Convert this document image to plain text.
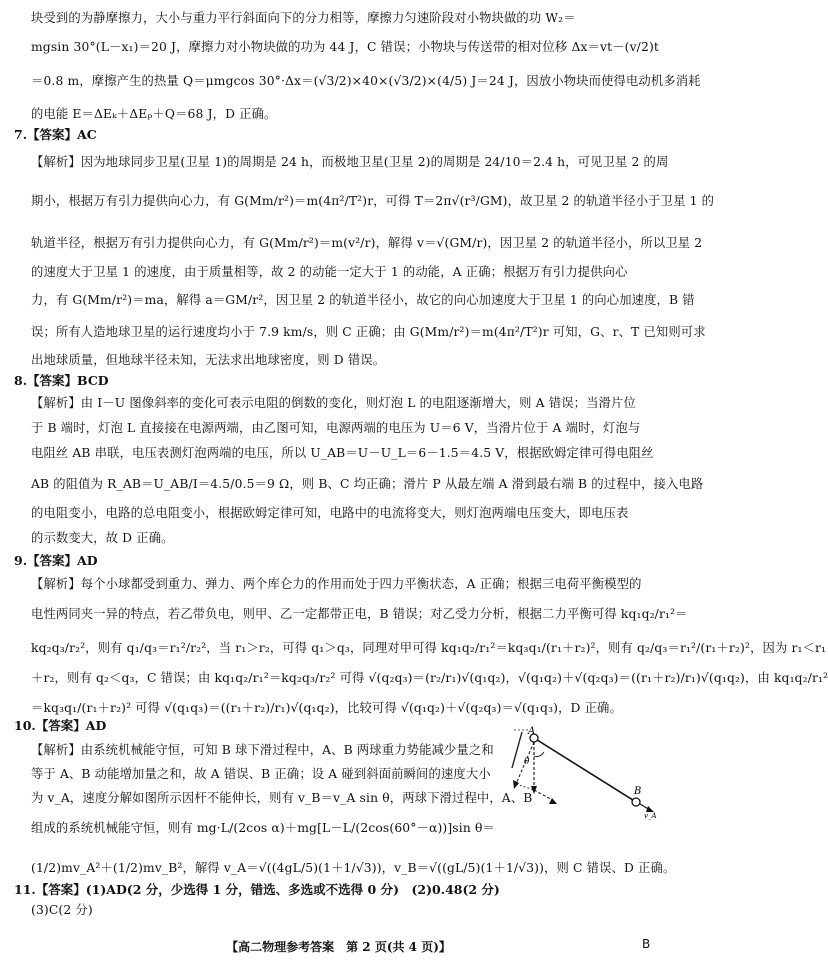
块受到的为静摩擦力，大小与重力平行斜面向下的分力相等，摩擦力匀速阶段对小物块做的功 W₂＝
mgsin 30°(L－x₁)＝20 J，摩擦力对小物块做的功为 44 J，C 错误；小物块与传送带的相对位移 Δx＝vt－(v/2)t
＝0.8 m，摩擦产生的热量 Q＝μmgcos 30°·Δx＝(√3/2)×40×(√3/2)×(4/5) J＝24 J，因放小物块而使得电动机多消耗
的电能 E＝ΔEₖ＋ΔEₚ＋Q＝68 J，D 正确。
7.【答案】AC
【解析】因为地球同步卫星(卫星 1)的周期是 24 h，而极地卫星(卫星 2)的周期是 24/10＝2.4 h，可见卫星 2 的周
期小，根据万有引力提供向心力，有 G(Mm/r²)＝m(4π²/T²)r，可得 T＝2π√(r³/GM)，故卫星 2 的轨道半径小于卫星 1 的
轨道半径，根据万有引力提供向心力，有 G(Mm/r²)＝m(v²/r)，解得 v＝√(GM/r)，因卫星 2 的轨道半径小，所以卫星 2
的速度大于卫星 1 的速度，由于质量相等，故 2 的动能一定大于 1 的动能，A 正确；根据万有引力提供向心
力，有 G(Mm/r²)＝ma，解得 a＝GM/r²，因卫星 2 的轨道半径小，故它的向心加速度大于卫星 1 的向心加速度，B 错
误；所有人造地球卫星的运行速度均小于 7.9 km/s，则 C 正确；由 G(Mm/r²)＝m(4π²/T²)r 可知，G、r、T 已知则可求
出地球质量，但地球半径未知，无法求出地球密度，则 D 错误。
8.【答案】BCD
【解析】由 I－U 图像斜率的变化可表示电阻的倒数的变化，则灯泡 L 的电阻逐渐增大，则 A 错误；当滑片位
于 B 端时，灯泡 L 直接接在电源两端，由乙图可知，电源两端的电压为 U＝6 V，当滑片位于 A 端时，灯泡与
电阻丝 AB 串联，电压表测灯泡两端的电压，所以 U_AB＝U－U_L＝6－1.5＝4.5 V，根据欧姆定律可得电阻丝
AB 的阻值为 R_AB＝U_AB/I＝4.5/0.5＝9 Ω，则 B、C 均正确；滑片 P 从最左端 A 滑到最右端 B 的过程中，接入电路
的电阻变小，电路的总电阻变小，根据欧姆定律可知，电路中的电流将变大，则灯泡两端电压变大，即电压表
的示数变大，故 D 正确。
9.【答案】AD
【解析】每个小球都受到重力、弹力、两个库仑力的作用而处于四力平衡状态，A 正确；根据三电荷平衡模型的
电性两同夹一异的特点，若乙带负电，则甲、乙一定都带正电，B 错误；对乙受力分析，根据二力平衡可得 kq₁q₂/r₁²＝
kq₂q₃/r₂²，则有 q₁/q₃＝r₁²/r₂²，当 r₁＞r₂，可得 q₁＞q₃，同理对甲可得 kq₁q₂/r₁²＝kq₃q₁/(r₁＋r₂)²，则有 q₂/q₃＝r₁²/(r₁＋r₂)²，因为 r₁＜r₁
＋r₂，则有 q₂＜q₃，C 错误；由 kq₁q₂/r₁²＝kq₂q₃/r₂² 可得 √(q₂q₃)＝(r₂/r₁)√(q₁q₂)，√(q₁q₂)＋√(q₂q₃)＝((r₁＋r₂)/r₁)√(q₁q₂)，由 kq₁q₂/r₁²
＝kq₃q₁/(r₁＋r₂)² 可得 √(q₁q₃)＝((r₁＋r₂)/r₁)√(q₁q₂)，比较可得 √(q₁q₂)＋√(q₂q₃)＝√(q₁q₃)，D 正确。
10.【答案】AD
【解析】由系统机械能守恒，可知 B 球下滑过程中，A、B 两球重力势能减少量之和
等于 A、B 动能增加量之和，故 A 错误、B 正确；设 A 碰到斜面前瞬间的速度大小
为 v_A，速度分解如图所示因杆不能伸长，则有 v_B＝v_A sin θ，两球下滑过程中，A、B
组成的系统机械能守恒，则有 mg·L/(2cos α)＋mg[L－L/(2cos(60°－α))]sin θ＝
(1/2)mv_A²＋(1/2)mv_B²，解得 v_A＝√((4gL/5)(1＋1/√3))，v_B＝√((gL/5)(1＋1/√3))，则 C 错误、D 正确。
A
B
θ
v_A
11.【答案】(1)AD(2 分，少选得 1 分，错选、多选或不选得 0 分)　(2)0.48(2 分)
(3)C(2 分)
【高二物理参考答案　第 2 页(共 4 页)】	B
